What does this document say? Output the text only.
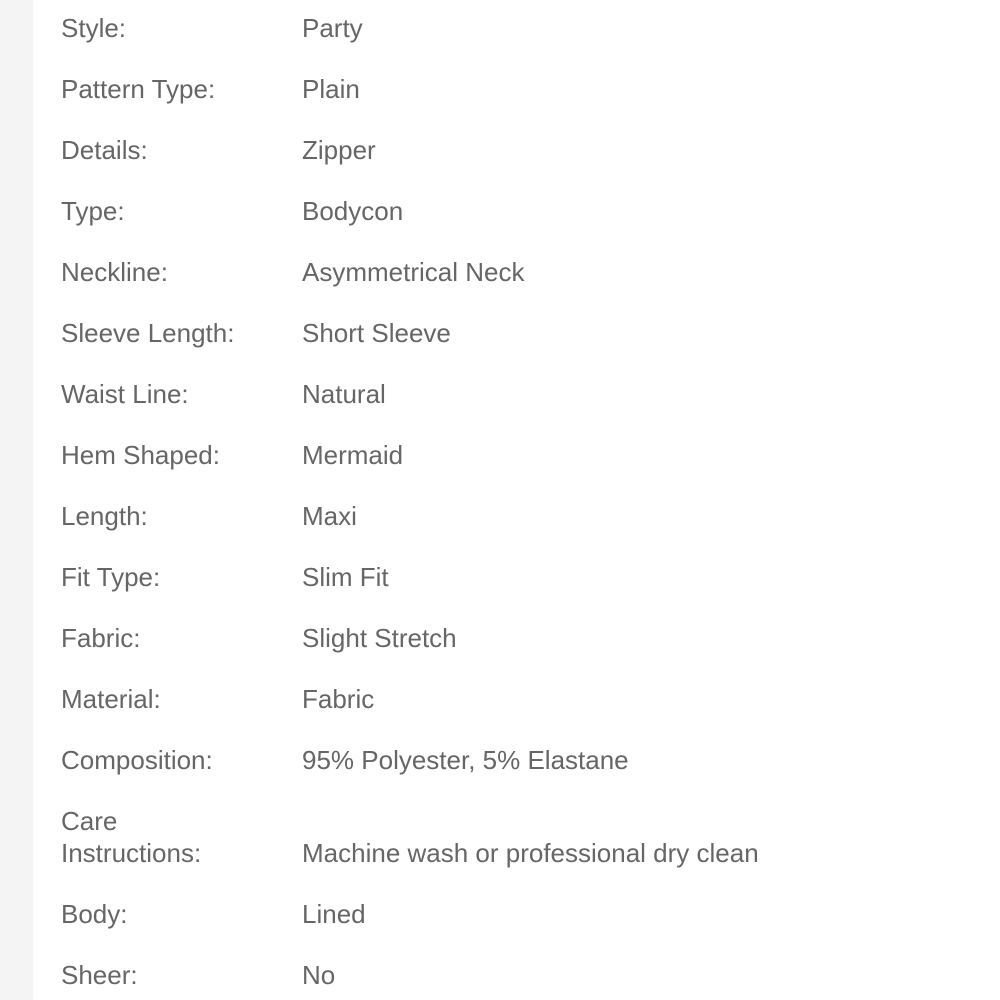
Style:	Party
Pattern Type:	Plain
Details:	Zipper
Type:	Bodycon
Neckline:	Asymmetrical Neck
Sleeve Length:	Short Sleeve
Waist Line:	Natural
Hem Shaped:	Mermaid
Length:	Maxi
Fit Type:	Slim Fit
Fabric:	Slight Stretch
Material:	Fabric
Composition:	95% Polyester, 5% Elastane
Care
Instructions:	Machine wash or professional dry clean
Body:	Lined
Sheer:	No
